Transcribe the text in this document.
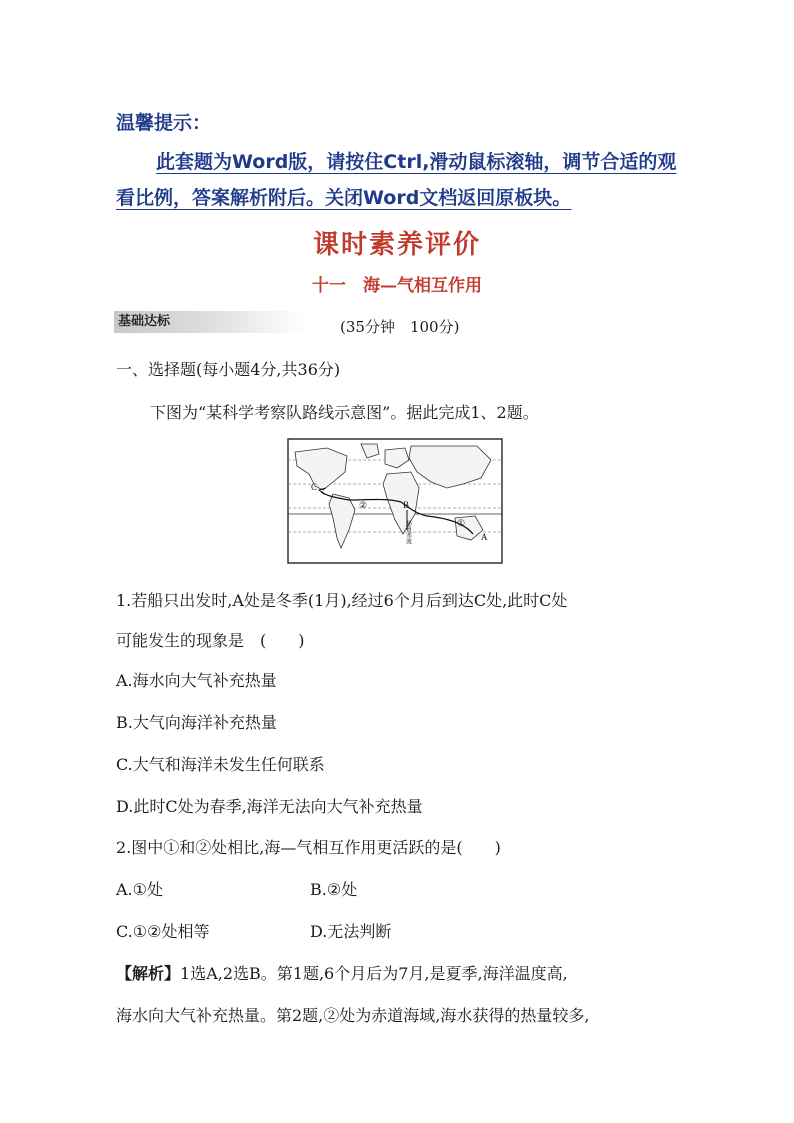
温馨提示：
此套题为Word版，请按住Ctrl,滑动鼠标滚轴，调节合适的观看比例，答案解析附后。关闭Word文档返回原板块。
课时素养评价
十一　海—气相互作用
基础达标	(35分钟　100分)
一、选择题(每小题4分,共36分)
下图为“某科学考察队路线示意图”。据此完成1、2题。
C
②	B
①
A
秘鲁寒流
1.若船只出发时,A处是冬季(1月),经过6个月后到达C处,此时C处
可能发生的现象是　(　　)
A.海水向大气补充热量
B.大气向海洋补充热量
C.大气和海洋未发生任何联系
D.此时C处为春季,海洋无法向大气补充热量
2.图中①和②处相比,海—气相互作用更活跃的是(　　)
A.①处	B.②处
C.①②处相等	D.无法判断
【解析】1选A,2选B。第1题,6个月后为7月,是夏季,海洋温度高,
海水向大气补充热量。第2题,②处为赤道海域,海水获得的热量较多,
